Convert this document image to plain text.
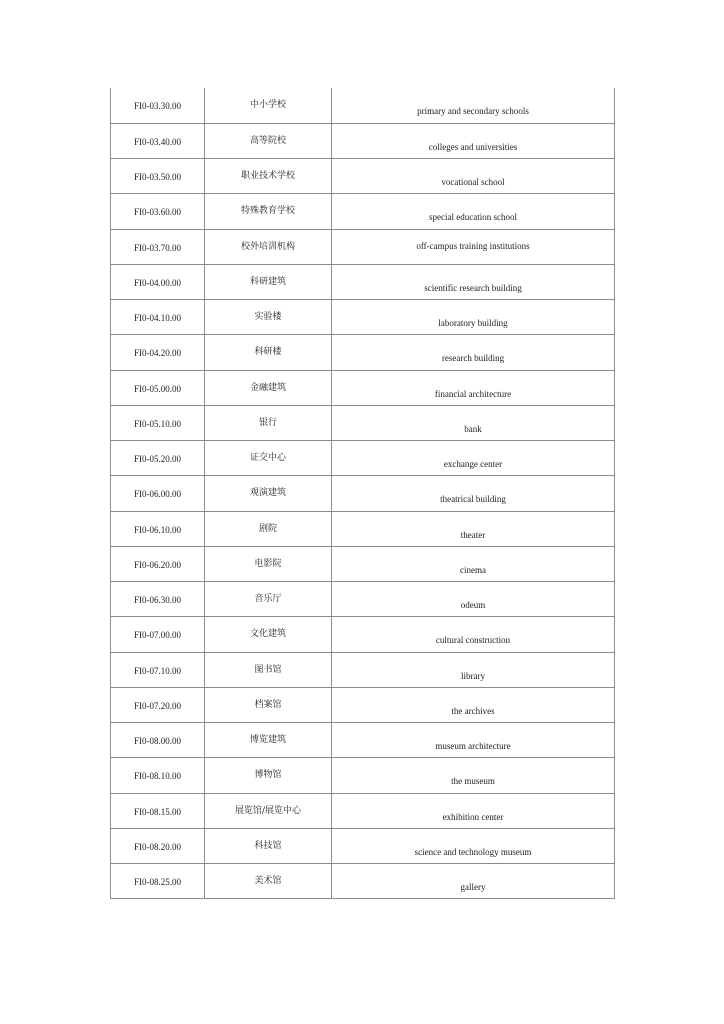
FI0-03.30.00	中小学校	primary and secondary schools
FI0-03.40.00	高等院校	colleges and universities
FI0-03.50.00	职业技术学校	vocational school
FI0-03.60.00	特殊教育学校	special education school
FI0-03.70.00	校外培训机构	off-campus training institutions
FI0-04.00.00	科研建筑	scientific research building
FI0-04.10.00	实验楼	laboratory building
FI0-04.20.00	科研楼	research building
FI0-05.00.00	金融建筑	financial architecture
FI0-05.10.00	银行	bank
FI0-05.20.00	证交中心	exchange center
FI0-06.00.00	观演建筑	theatrical building
FI0-06.10.00	剧院	theater
FI0-06.20.00	电影院	cinema
FI0-06.30.00	音乐厅	odeum
FI0-07.00.00	文化建筑	cultural construction
FI0-07.10.00	图书馆	library
FI0-07.20.00	档案馆	the archives
FI0-08.00.00	博览建筑	museum architecture
FI0-08.10.00	博物馆	the museum
FI0-08.15.00	展览馆/展览中心	exhibition center
FI0-08.20.00	科技馆	science and technology museum
FI0-08.25.00	美术馆	gallery
